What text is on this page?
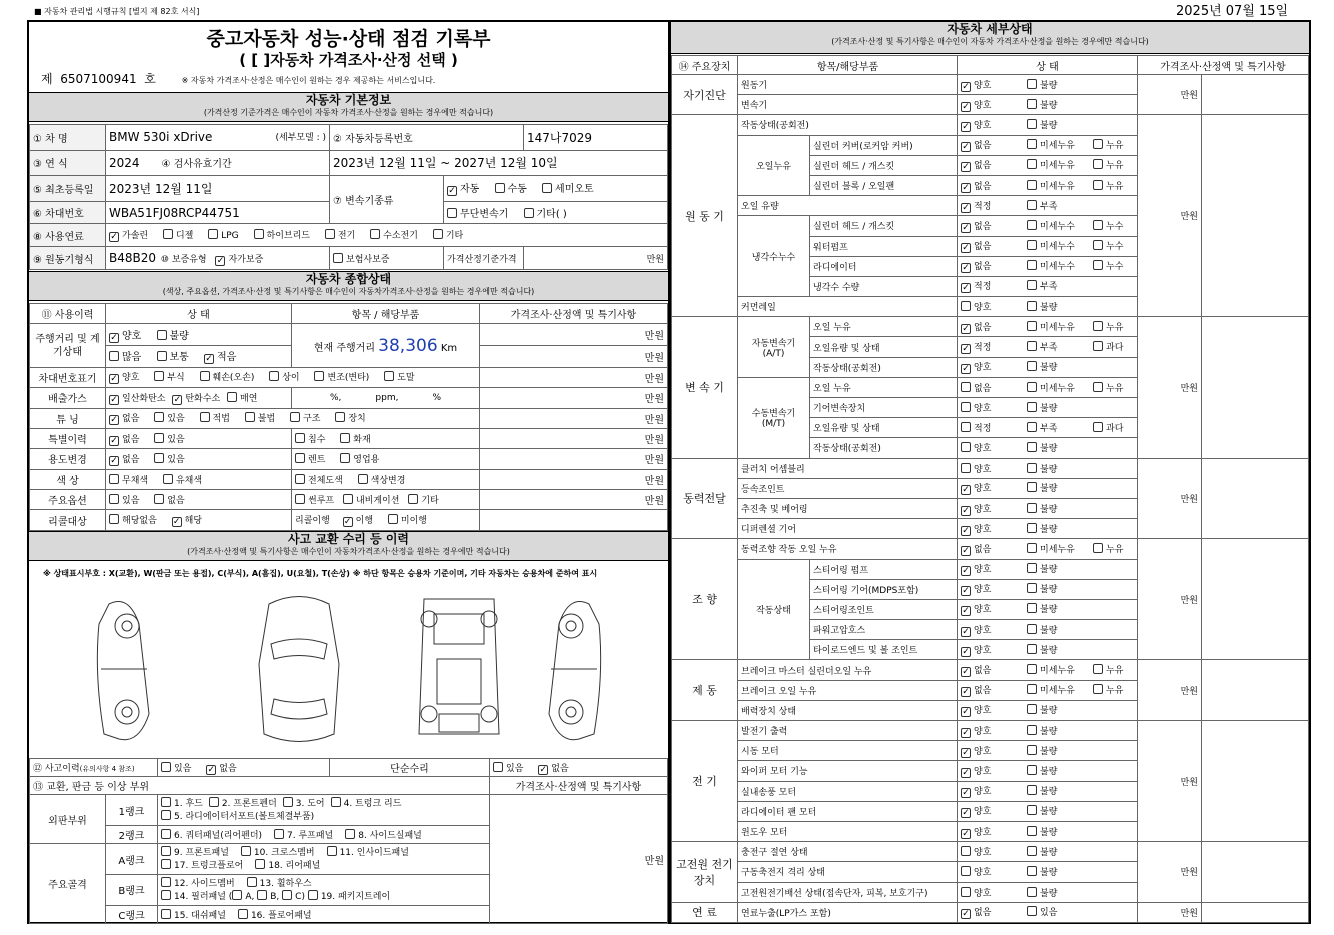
■ 자동차 관리법 시행규칙 [별지 제 82호 서식]	2025년 07월 15일
중고자동차 성능·상태 점검 기록부
( [ ]자동차 가격조사·산정 선택 )
제 6507100941 호	※ 자동차 가격조사·산정은 매수인이 원하는 경우 제공하는 서비스입니다.
자동차 기본정보
(가격산정 기준가격은 매수인이 자동차 가격조사·산정을 원하는 경우에만 적습니다)
① 차 명	BMW 530i xDrive (세부모델 : )	② 자동차등록번호		147나7029
③ 연 식	2024 ④ 검사유효기간	2023년 12월 11일 ~ 2027년 12월 10일		
⑤ 최초등록일	2023년 12월 11일	⑦ 변속기종류	✓자동 수동 세미오토
⑥ 차대번호	WBA51FJ08RCP44751		무단변속기 기타( )	
⑧ 사용연료	✓가솔린 디젤 LPG 하이브리드 전기 수소전기 기타
⑨ 원동기형식	B48B20 ⑩ 보증유형 ✓ 자가보증	보험사보증	가격산정기준가격	만원
자동차 종합상태
(색상, 주요옵션, 가격조사·산정 및 특기사항은 매수인이 자동차가격조사·산정을 원하는 경우에만 적습니다)
⑪ 사용이력	상 태	항목 / 해당부품	가격조사·산정액 및 특기사항
주행거리 및 계기상태	✓양호 불량	현재 주행거리 38,306 Km	만원
	많음 보통 ✓ 적음		만원
차대번호표기	✓양호 부식 훼손(오손) 상이 변조(변타) 도말		만원
배출가스	✓일산화탄소 ✓ 탄화수소 매연	%, ppm, %	만원
튜 닝	✓없음 있음 적법 불법 구조 장치		만원
특별이력	✓없음 있음	침수 화재	만원
용도변경	✓없음 있음	렌트 영업용	만원
색 상	무채색 유채색	전체도색 색상변경	만원
주요옵션	있음 없음	썬루프 내비게이션 기타	만원
리콜대상	해당없음 ✓ 해당	리콜이행 ✓ 이행 미이행	
사고 교환 수리 등 이력
(가격조사·산정액 및 특기사항은 매수인이 자동차가격조사·산정을 원하는 경우에만 적습니다)
※ 상태표시부호 : X(교환), W(판금 또는 용접), C(부식), A(흠집), U(요철), T(손상) ※ 하단 항목은 승용차 기준이며, 기타 자동차는 승용차에 준하여 표시
⑫ 사고이력(유의사항 4 참조)		있음 ✓ 없음	단순수리	있음 ✓ 없음
⑬ 교환, 판금 등 이상 부위				가격조사·산정액 및 특기사항
외판부위	1랭크	1. 후드 2. 프론트펜더 3. 도어 4. 트렁크 리드
5. 라디에이터서포트(볼트체결부품)		만원
	2랭크	6. 쿼터패널(리어펜더) 7. 루프패널 8. 사이드실패널		
주요골격	A랭크	9. 프론트패널 10. 크로스멤버 11. 인사이드패널
17. 트렁크플로어 18. 리어패널		

	B랭크	12. 사이드멤버 13. 휠하우스
14. 필러패널 ( A, B, C) 19. 패키지트레이		

	C랭크	15. 대쉬패널 16. 플로어패널		
자동차 세부상태
(가격조사·산정 및 특기사항은 매수인이 자동차 가격조사·산정을 원하는 경우에만 적습니다)
⑭ 주요장치	항목/해당부품		상 태	가격조사·산정액 및 특기사항	
자기진단	원동기	✓양호 불량	만원	
	변속기	✓양호 불량
원 동 기	작동상태(공회전)	✓양호 불량	만원	
	오일누유	실린더 커버(로커암 커버)	✓없음 미세누유 누유
		실린더 헤드 / 개스킷	✓없음 미세누유 누유
		실린더 블록 / 오일팬	✓없음 미세누유 누유
	오일 유량	✓적정 부족
	냉각수누수	실린더 헤드 / 개스킷	✓없음 미세누수 누수
		워터펌프	✓없음 미세누수 누수
		라디에이터	✓없음 미세누수 누수
		냉각수 수량	✓적정 부족
	커먼레일		양호 불량		
변 속 기	자동변속기 (A/T)	오일 누유	✓없음 미세누유 누유	만원	
		오일유량 및 상태	✓적정 부족 과다
		작동상태(공회전)	✓양호 불량
	수동변속기 (M/T)	오일 누유	없음 미세누유 누유		
		기어변속장치	양호 불량		
		오일유량 및 상태	적정 부족 과다		
		작동상태(공회전)	양호 불량		
동력전달	클러치 어셈블리		양호 불량	만원	
	등속조인트	✓양호 불량
	추진축 및 베어링	✓양호 불량
	디퍼렌셜 기어	✓양호 불량
조 향	동력조향 작동 오일 누유	✓없음 미세누유 누유	만원	
	작동상태	스티어링 펌프	✓양호 불량
		스티어링 기어(MDPS포함)	✓양호 불량
		스티어링조인트	✓양호 불량
		파워고압호스	✓양호 불량
		타이로드엔드 및 볼 조인트	✓양호 불량
제 동	브레이크 마스터 실린더오일 누유	✓없음 미세누유 누유	만원	
	브레이크 오일 누유	✓없음 미세누유 누유
	배력장치 상태	✓양호 불량
전 기	발전기 출력	✓양호 불량	만원	
	시동 모터	✓양호 불량
	와이퍼 모터 기능	✓양호 불량
	실내송풍 모터	✓양호 불량
	라디에이터 팬 모터	✓양호 불량
	윈도우 모터	✓양호 불량
고전원 전기장치	충전구 절연 상태		양호 불량	만원	
	구동축전지 격리 상태		양호 불량		
	고전원전기배선 상태(접속단자, 피복, 보호기구)		양호 불량		
연 료	연료누출(LP가스 포함)	✓없음 있음	만원	
